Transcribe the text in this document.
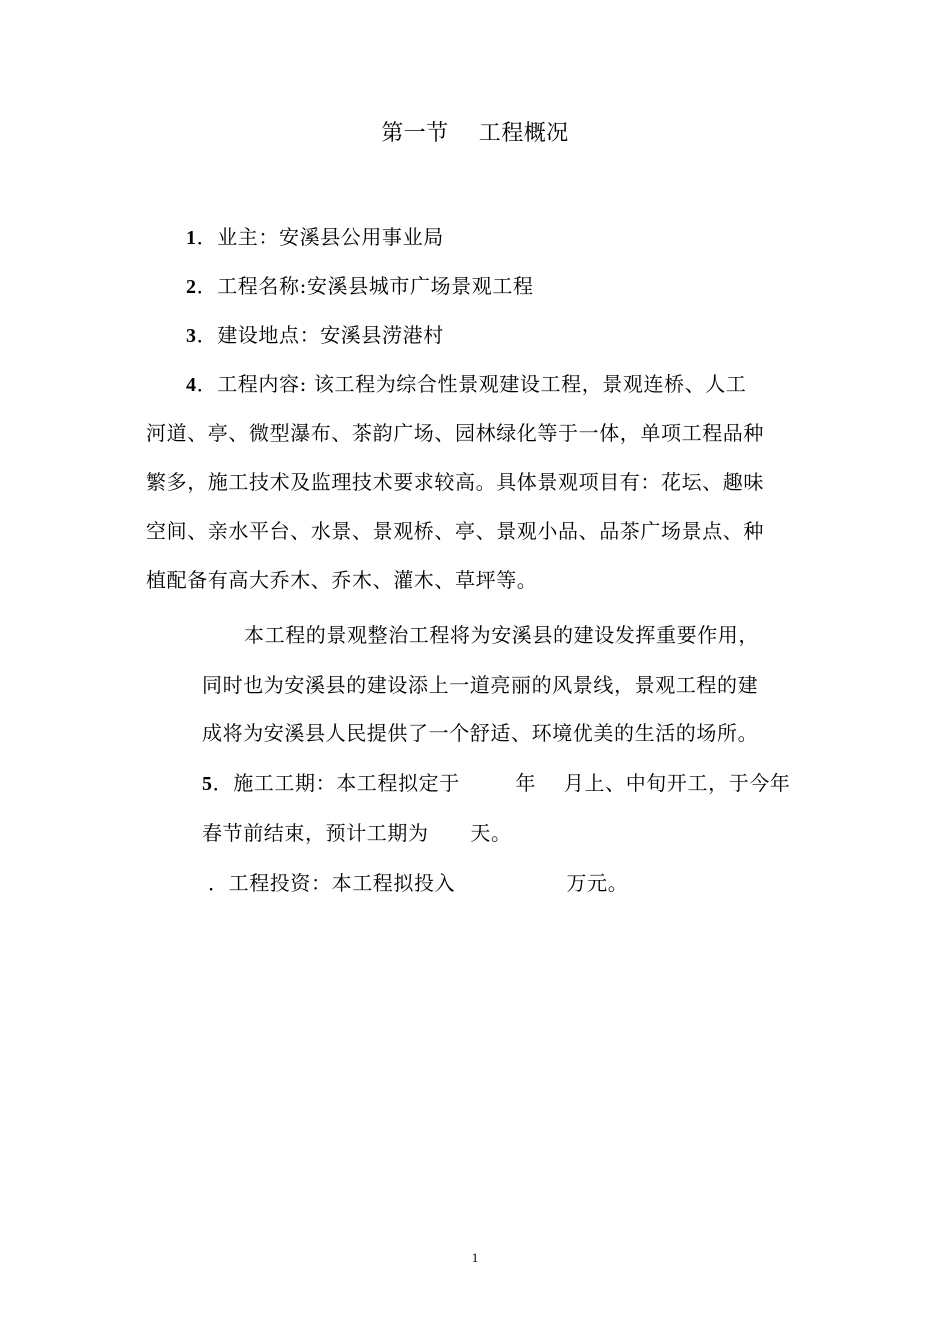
第一节    工程概况
1．业主：安溪县公用事业局
2．工程名称:安溪县城市广场景观工程
3．建设地点：安溪县涝港村
4．工程内容: 该工程为综合性景观建设工程，景观连桥、人工
河道、亭、微型瀑布、茶韵广场、园林绿化等于一体，单项工程品种
繁多，施工技术及监理技术要求较高。具体景观项目有：花坛、趣味
空间、亲水平台、水景、景观桥、亭、景观小品、品茶广场景点、种
植配备有高大乔木、乔木、灌木、草坪等。
本工程的景观整治工程将为安溪县的建设发挥重要作用，
同时也为安溪县的建设添上一道亮丽的风景线，景观工程的建
成将为安溪县人民提供了一个舒适、环境优美的生活的场所。
5．施工工期：本工程拟定于        年    月上、中旬开工，于今年
春节前结束，预计工期为      天。
．工程投资：本工程拟投入                万元。
1
